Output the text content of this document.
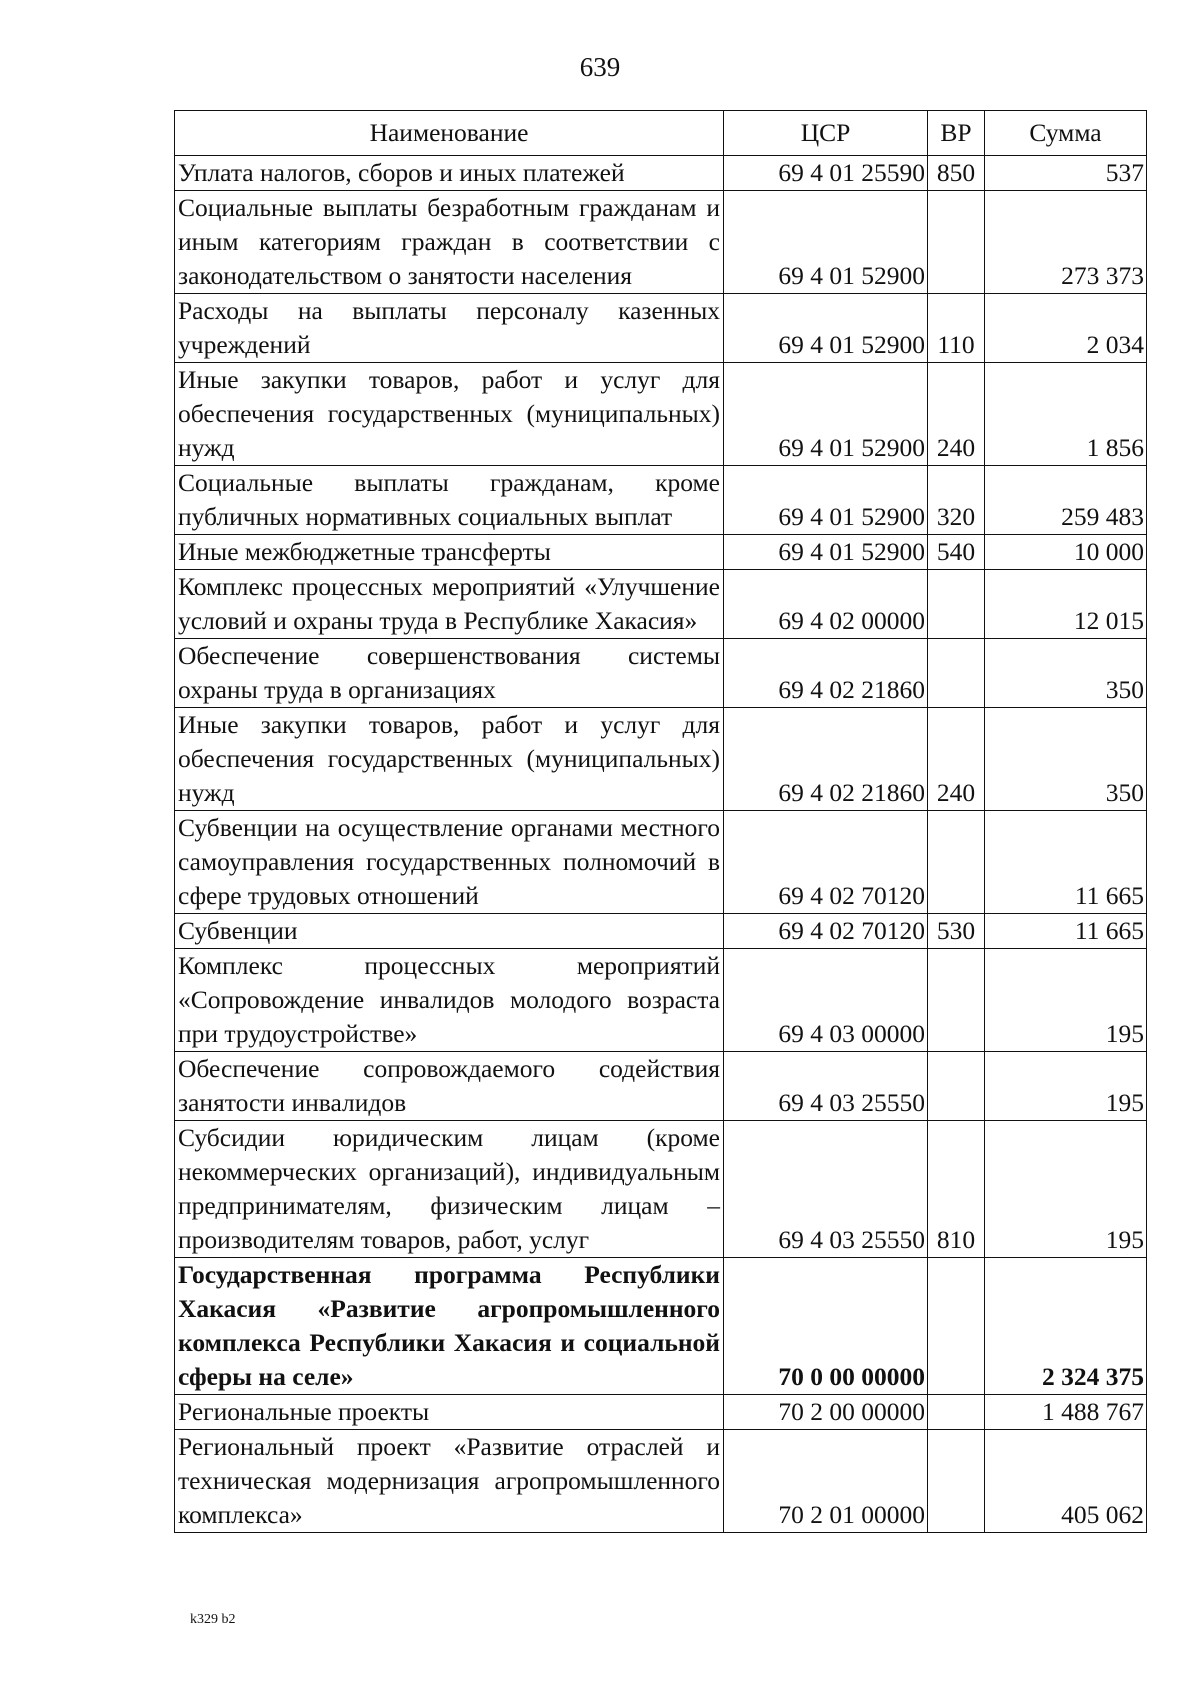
639
Наименование	ЦСР	ВР	Сумма
Уплата налогов, сборов и иных платежей	69 4 01 25590	850	537
Социальные выплаты безработным гражданам и иным категориям граждан в соответствии с законодательством о занятости населения	69 4 01 52900		273 373
Расходы на выплаты персоналу казенных учреждений	69 4 01 52900	110	2 034
Иные закупки товаров, работ и услуг для обеспечения государственных (муниципальных) нужд	69 4 01 52900	240	1 856
Социальные выплаты гражданам, кроме публичных нормативных социальных выплат	69 4 01 52900	320	259 483
Иные межбюджетные трансферты	69 4 01 52900	540	10 000
Комплекс процессных мероприятий «Улучшение условий и охраны труда в Республике Хакасия»	69 4 02 00000		12 015
Обеспечение совершенствования системы охраны труда в организациях	69 4 02 21860		350
Иные закупки товаров, работ и услуг для обеспечения государственных (муниципальных) нужд	69 4 02 21860	240	350
Субвенции на осуществление органами местного самоуправления государственных полномочий в сфере трудовых отношений	69 4 02 70120		11 665
Субвенции	69 4 02 70120	530	11 665
Комплекс процессных мероприятий «Сопровождение инвалидов молодого возраста при трудоустройстве»	69 4 03 00000		195
Обеспечение сопровождаемого содействия занятости инвалидов	69 4 03 25550		195
Субсидии юридическим лицам (кроме некоммерческих организаций), индивидуальным предпринимателям, физическим лицам – производителям товаров, работ, услуг	69 4 03 25550	810	195
Государственная программа Республики Хакасия «Развитие агропромышленного комплекса Республики Хакасия и социальной сферы на селе»	70 0 00 00000		2 324 375
Региональные проекты	70 2 00 00000		1 488 767
Региональный проект «Развитие отраслей и техническая модернизация агропромышленного комплекса»	70 2 01 00000		405 062
k329 b2
